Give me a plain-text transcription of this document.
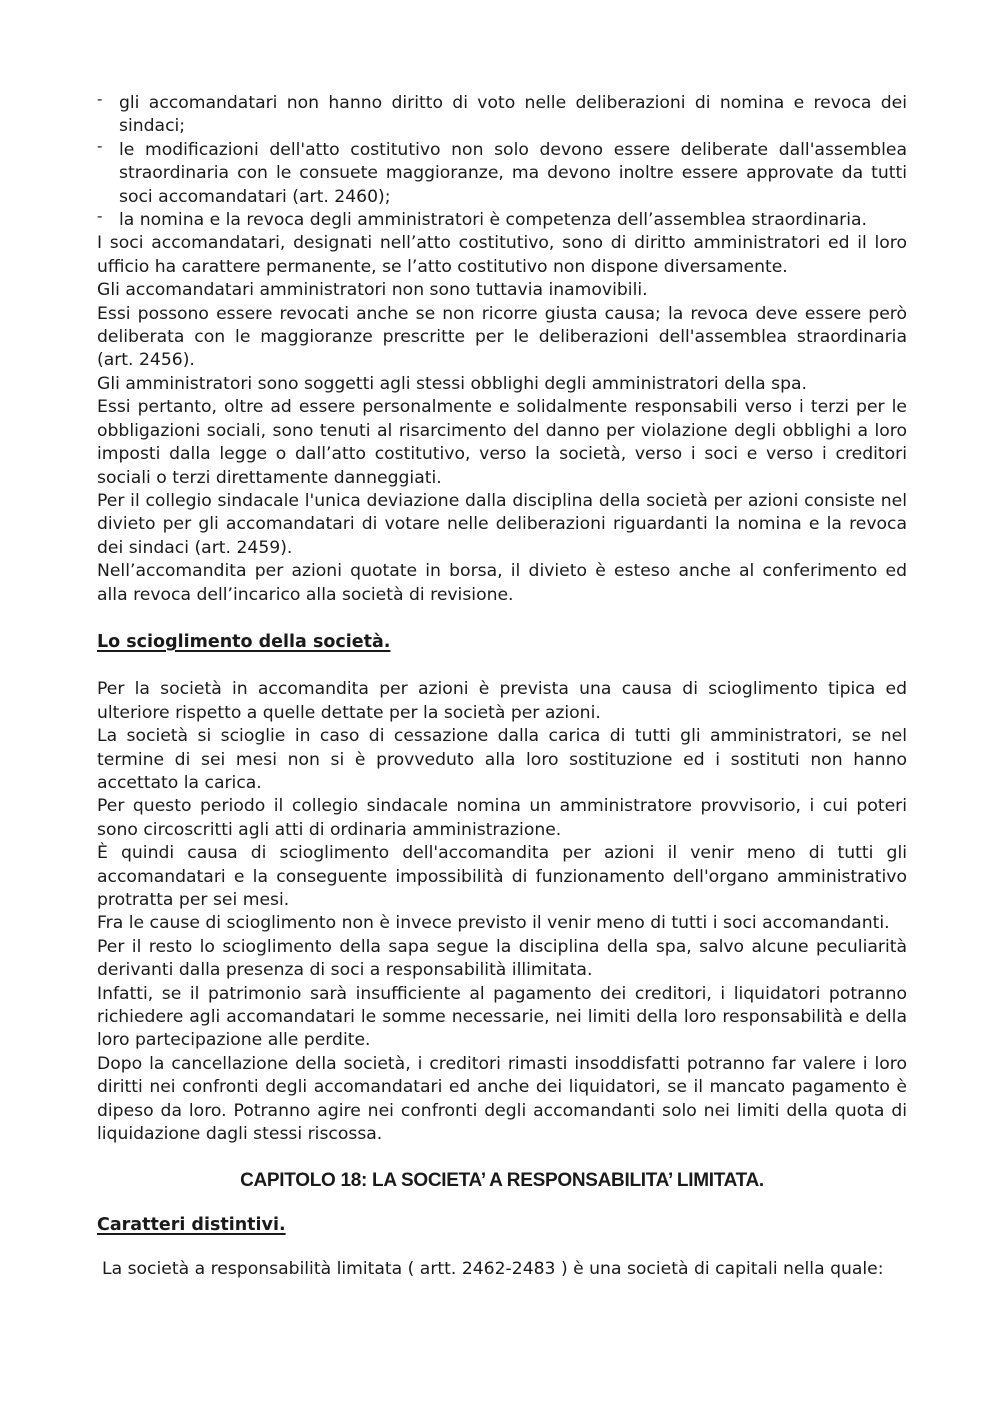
- gli accomandatari non hanno diritto di voto nelle deliberazioni di nomina e revoca dei sindaci;
- le modificazioni dell'atto costitutivo non solo devono essere deliberate dall'assemblea straordinaria con le consuete maggioranze, ma devono inoltre essere approvate da tutti soci accomandatari (art. 2460);
- la nomina e la revoca degli amministratori è competenza dell’assemblea straordinaria.

I soci accomandatari, designati nell’atto costitutivo, sono di diritto amministratori ed il loro ufficio ha carattere permanente, se l’atto costitutivo non dispone diversamente.

Gli accomandatari amministratori non sono tuttavia inamovibili.

Essi possono essere revocati anche se non ricorre giusta causa; la revoca deve essere però deliberata con le maggioranze prescritte per le deliberazioni dell'assemblea straordinaria (art. 2456).

Gli amministratori sono soggetti agli stessi obblighi degli amministratori della spa.

Essi pertanto, oltre ad essere personalmente e solidalmente responsabili verso i terzi per le obbligazioni sociali, sono tenuti al risarcimento del danno per violazione degli obblighi a loro imposti dalla legge o dall’atto costitutivo, verso la società, verso i soci e verso i creditori sociali o terzi direttamente danneggiati.

Per il collegio sindacale l'unica deviazione dalla disciplina della società per azioni consiste nel divieto per gli accomandatari di votare nelle deliberazioni riguardanti la nomina e la revoca dei sindaci (art. 2459).

Nell’accomandita per azioni quotate in borsa, il divieto è esteso anche al conferimento ed alla revoca dell’incarico alla società di revisione.

Lo scioglimento della società.

Per la società in accomandita per azioni è prevista una causa di scioglimento tipica ed ulteriore rispetto a quelle dettate per la società per azioni.

La società si scioglie in caso di cessazione dalla carica di tutti gli amministratori, se nel termine di sei mesi non si è provveduto alla loro sostituzione ed i sostituti non hanno accettato la carica.

Per questo periodo il collegio sindacale nomina un amministratore provvisorio, i cui poteri sono circoscritti agli atti di ordinaria amministrazione.

È quindi causa di scioglimento dell'accomandita per azioni il venir meno di tutti gli accomandatari e la conseguente impossibilità di funzionamento dell'organo amministrativo protratta per sei mesi.

Fra le cause di scioglimento non è invece previsto il venir meno di tutti i soci accomandanti.

Per il resto lo scioglimento della sapa segue la disciplina della spa, salvo alcune peculiarità derivanti dalla presenza di soci a responsabilità illimitata.

Infatti, se il patrimonio sarà insufficiente al pagamento dei creditori, i liquidatori potranno richiedere agli accomandatari le somme necessarie, nei limiti della loro responsabilità e della loro partecipazione alle perdite.

Dopo la cancellazione della società, i creditori rimasti insoddisfatti potranno far valere i loro diritti nei confronti degli accomandatari ed anche dei liquidatori, se il mancato pagamento è dipeso da loro. Potranno agire nei confronti degli accomandanti solo nei limiti della quota di liquidazione dagli stessi riscossa.

CAPITOLO 18: LA SOCIETA’ A RESPONSABILITA’ LIMITATA.

Caratteri distintivi.

La società a responsabilità limitata ( artt. 2462-2483 ) è una società di capitali nella quale:
